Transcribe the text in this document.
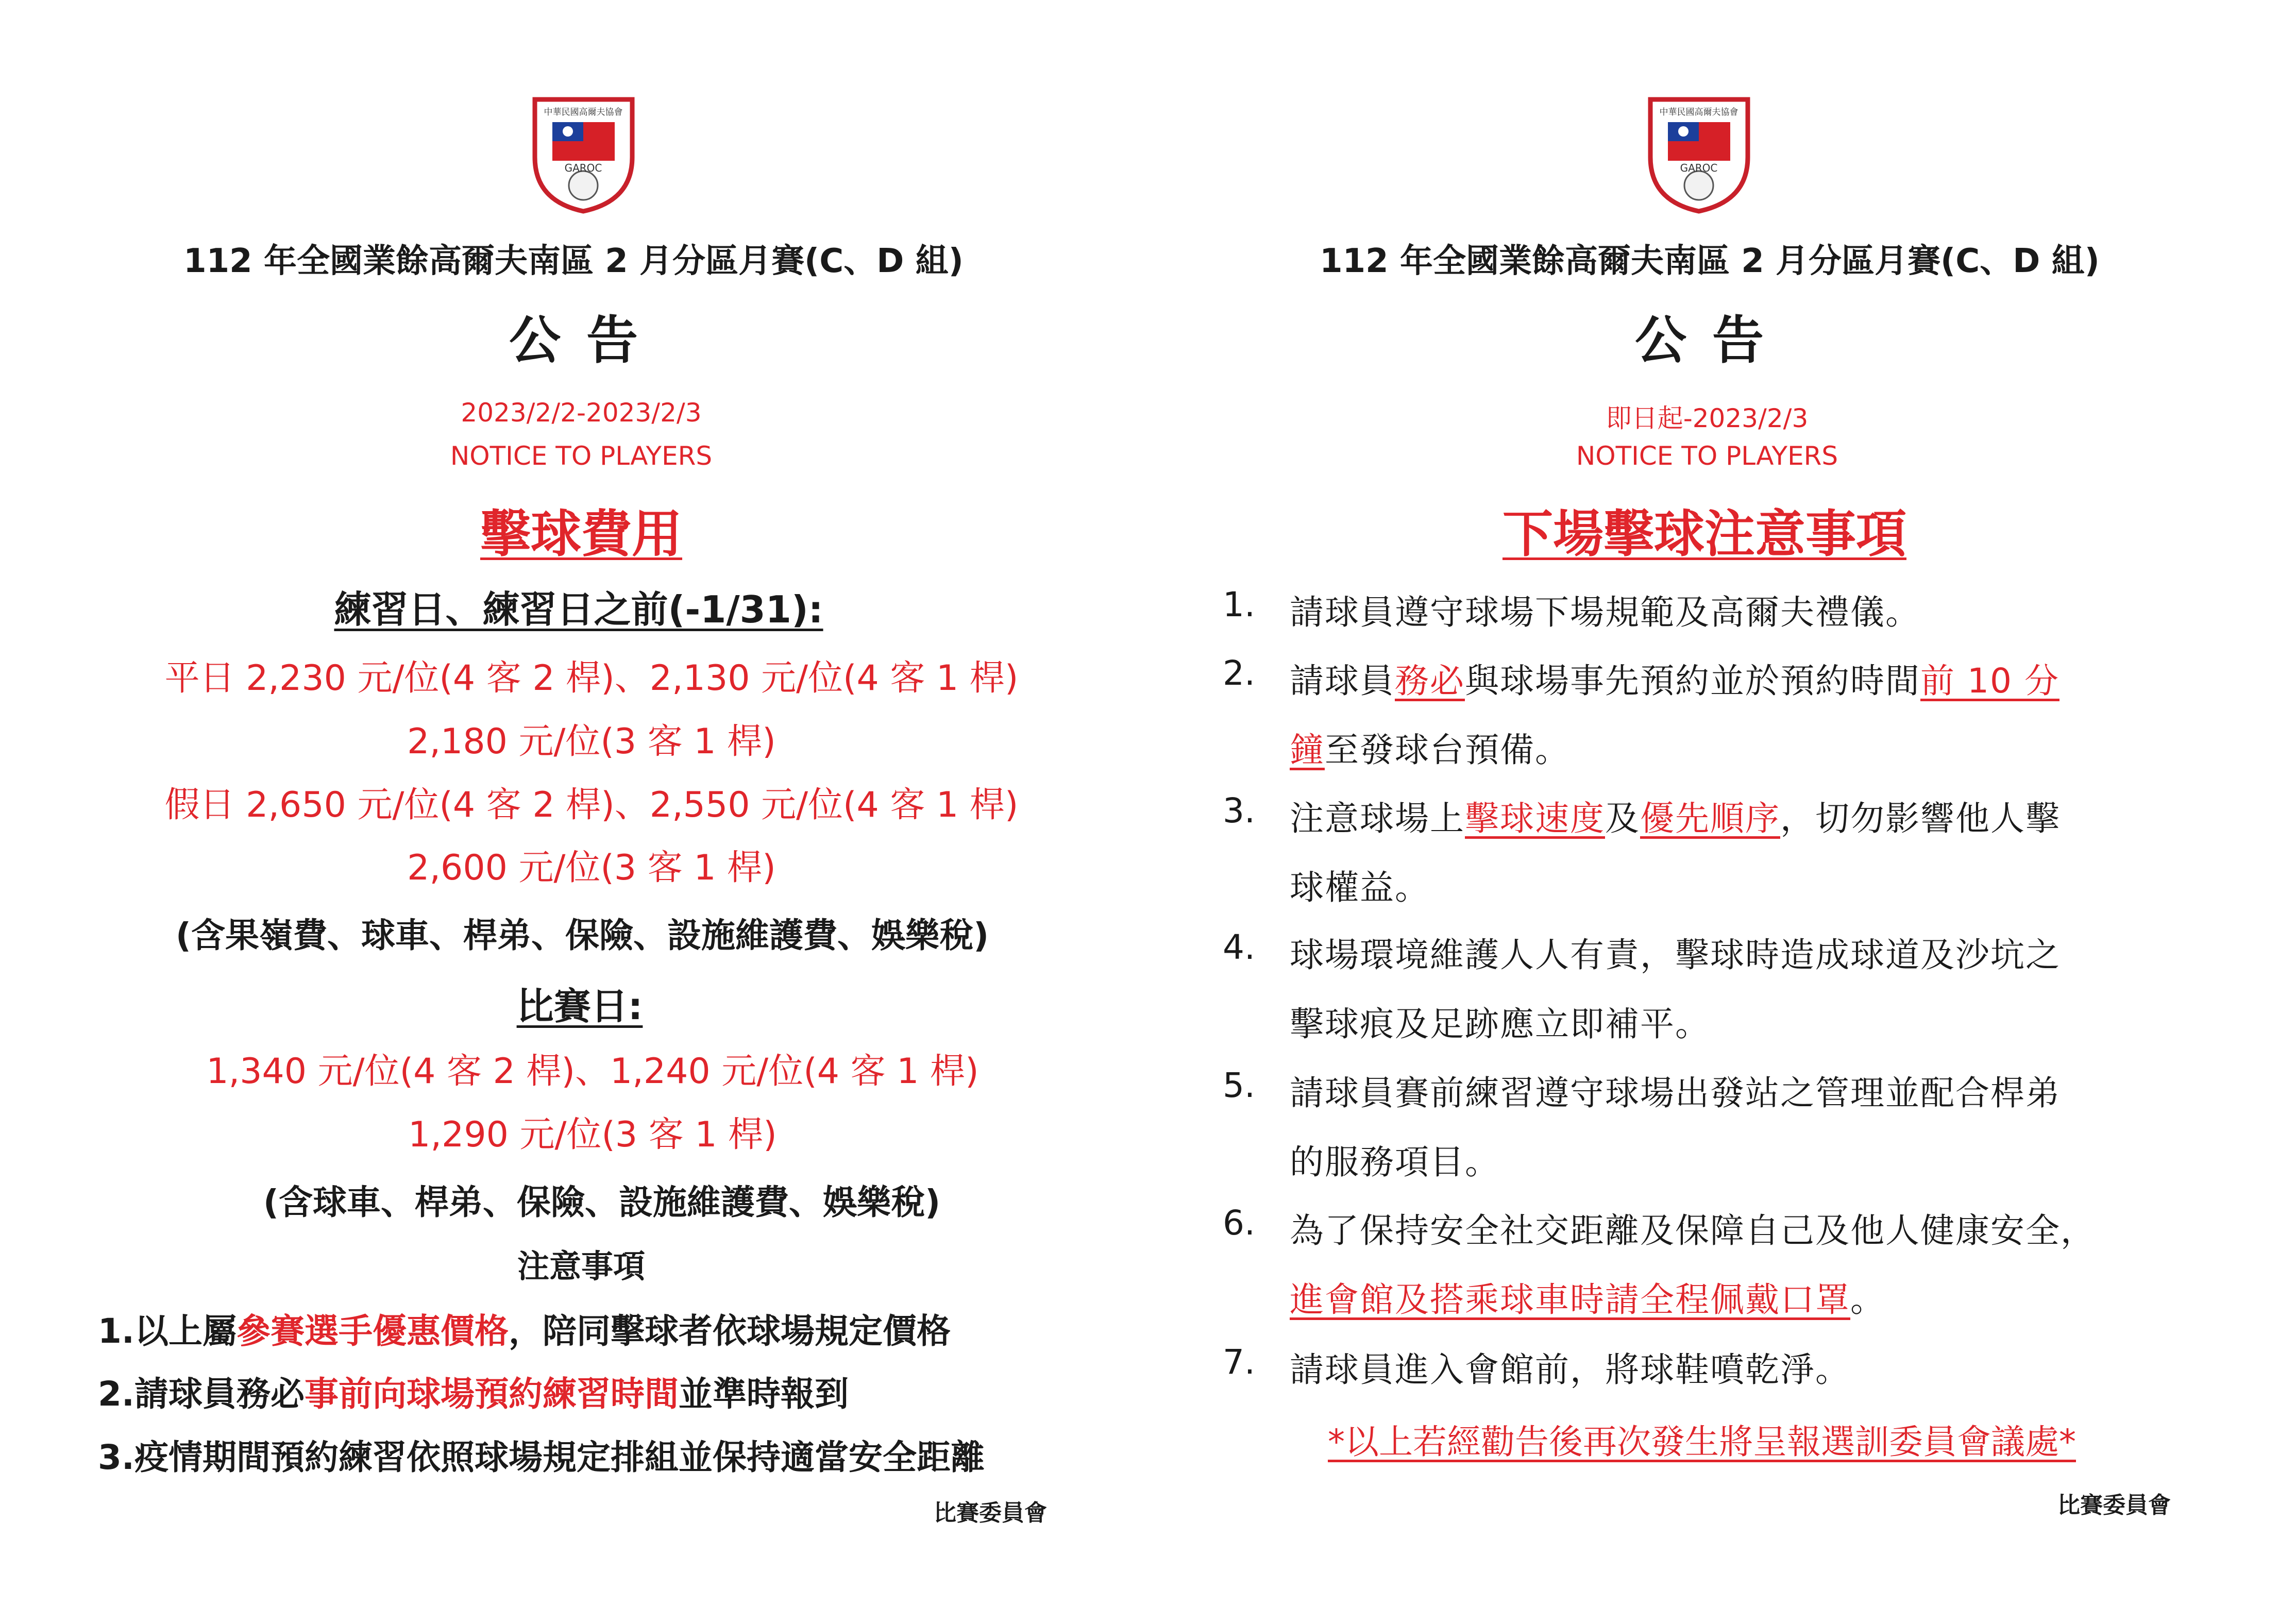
中華民國高爾夫協會
GAROC
112 年全國業餘高爾夫南區 2 月分區月賽(C、D 組)
公告
2023/2/2-2023/2/3
NOTICE TO PLAYERS
擊球費用
練習日、練習日之前(-1/31):
平日 2,230 元/位(4 客 2 桿)、2,130 元/位(4 客 1 桿)
2,180 元/位(3 客 1 桿)
假日 2,650 元/位(4 客 2 桿)、2,550 元/位(4 客 1 桿)
2,600 元/位(3 客 1 桿)
(含果嶺費、球車、桿弟、保險、設施維護費、娛樂稅)
比賽日:
1,340 元/位(4 客 2 桿)、1,240 元/位(4 客 1 桿)
1,290 元/位(3 客 1 桿)
(含球車、桿弟、保險、設施維護費、娛樂稅)
注意事項
1.以上屬參賽選手優惠價格，陪同擊球者依球場規定價格
2.請球員務必事前向球場預約練習時間並準時報到
3.疫情期間預約練習依照球場規定排組並保持適當安全距離
比賽委員會
中華民國高爾夫協會
GAROC
112 年全國業餘高爾夫南區 2 月分區月賽(C、D 組)
公告
即日起-2023/2/3
NOTICE TO PLAYERS
下場擊球注意事項
1. 請球員遵守球場下場規範及高爾夫禮儀。
2. 請球員務必與球場事先預約並於預約時間前 10 分
鐘至發球台預備。
3. 注意球場上擊球速度及優先順序，切勿影響他人擊
球權益。
4. 球場環境維護人人有責，擊球時造成球道及沙坑之
擊球痕及足跡應立即補平。
5. 請球員賽前練習遵守球場出發站之管理並配合桿弟
的服務項目。
6. 為了保持安全社交距離及保障自己及他人健康安全，
進會館及搭乘球車時請全程佩戴口罩。
7. 請球員進入會館前，將球鞋噴乾淨。
*以上若經勸告後再次發生將呈報選訓委員會議處*
比賽委員會
